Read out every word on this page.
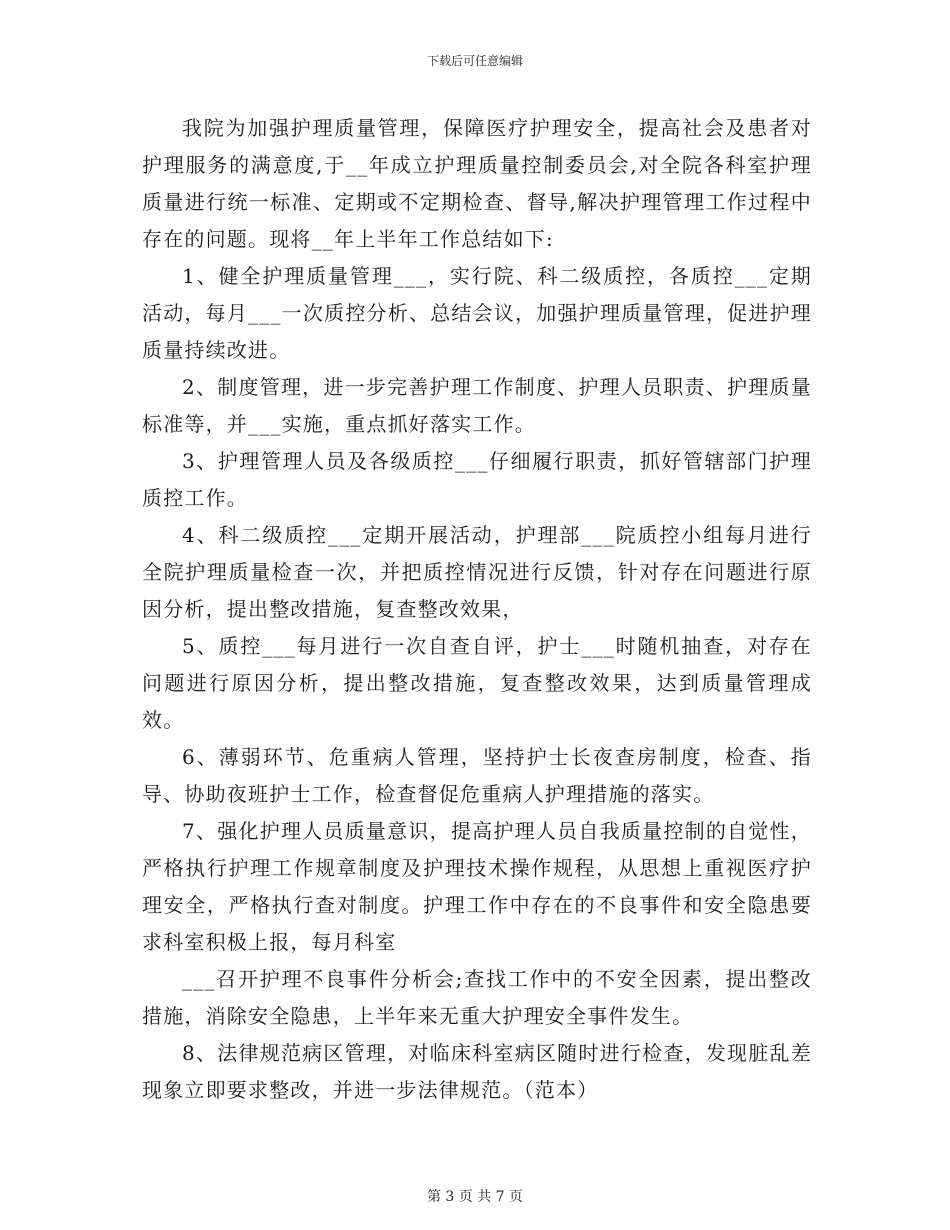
下载后可任意编辑

我院为加强护理质量管理，保障医疗护理安全，提高社会及患者对护理服务的满意度,于__年成立护理质量控制委员会,对全院各科室护理质量进行统一标准、定期或不定期检查、督导,解决护理管理工作过程中存在的问题。现将__年上半年工作总结如下:

1、健全护理质量管理___，实行院、科二级质控，各质控___定期活动，每月___一次质控分析、总结会议，加强护理质量管理，促进护理质量持续改进。

2、制度管理，进一步完善护理工作制度、护理人员职责、护理质量标准等，并___实施，重点抓好落实工作。

3、护理管理人员及各级质控___仔细履行职责，抓好管辖部门护理质控工作。

4、科二级质控___定期开展活动，护理部___院质控小组每月进行全院护理质量检查一次，并把质控情况进行反馈，针对存在问题进行原因分析，提出整改措施，复查整改效果，

5、质控___每月进行一次自查自评，护士___时随机抽查，对存在问题进行原因分析，提出整改措施，复查整改效果，达到质量管理成效。

6、薄弱环节、危重病人管理，坚持护士长夜查房制度，检查、指导、协助夜班护士工作，检查督促危重病人护理措施的落实。

7、强化护理人员质量意识，提高护理人员自我质量控制的自觉性，严格执行护理工作规章制度及护理技术操作规程，从思想上重视医疗护理安全，严格执行查对制度。护理工作中存在的不良事件和安全隐患要求科室积极上报，每月科室

___召开护理不良事件分析会;查找工作中的不安全因素，提出整改措施，消除安全隐患，上半年来无重大护理安全事件发生。

8、法律规范病区管理，对临床科室病区随时进行检查，发现脏乱差现象立即要求整改，并进一步法律规范。（范本）

第 3 页 共 7 页
